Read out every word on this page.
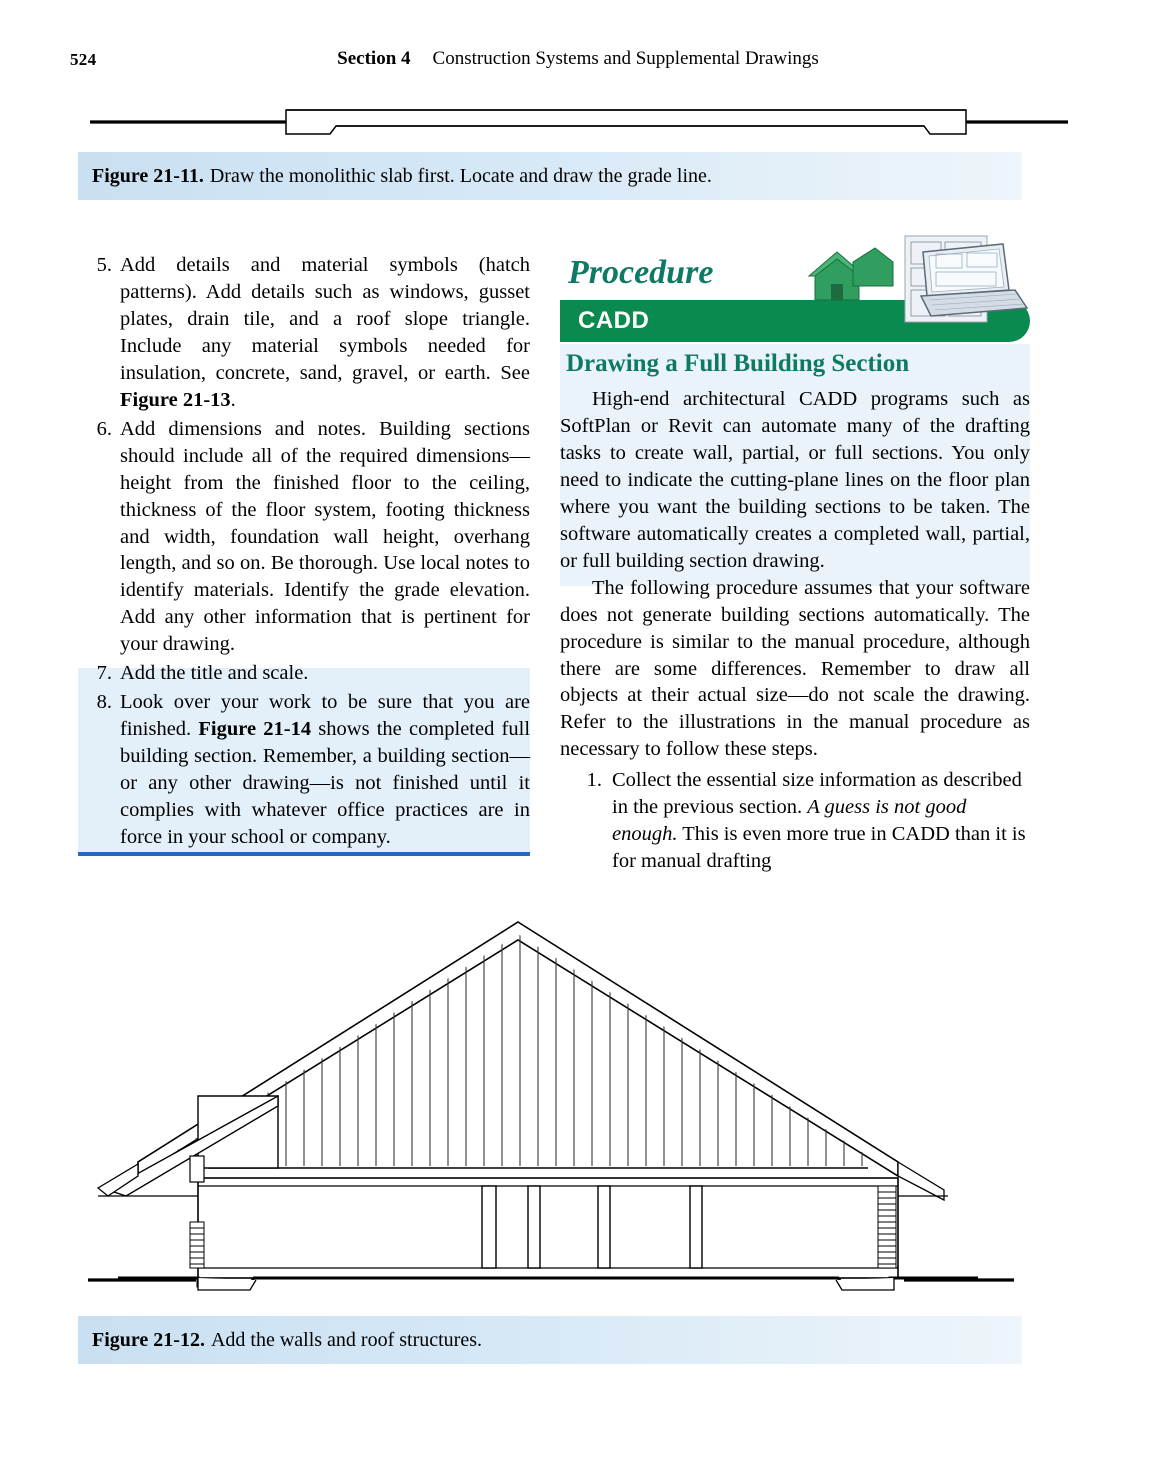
524	Section 4 Construction Systems and Supplemental Drawings
Figure 21-11. Draw the monolithic slab first. Locate and draw the grade line.
5. Add details and material symbols (hatch patterns). Add details such as windows, gusset plates, drain tile, and a roof slope triangle. Include any material symbols needed for insulation, concrete, sand, gravel, or earth. See Figure 21-13.
6. Add dimensions and notes. Building sections should include all of the required dimensions—height from the finished floor to the ceiling, thickness of the floor system, footing thickness and width, foundation wall height, overhang length, and so on. Be thorough. Use local notes to identify materials. Identify the grade elevation. Add any other information that is pertinent for your drawing.
7. Add the title and scale.
8. Look over your work to be sure that you are finished. Figure 21-14 shows the completed full building section. Remember, a building section—or any other drawing—is not finished until it complies with whatever office practices are in force in your school or company.
CADD
Procedure
Drawing a Full Building Section

High-end architectural CADD programs such as SoftPlan or Revit can automate many of the drafting tasks to create wall, partial, or full sections. You only need to indicate the cutting-plane lines on the floor plan where you want the building sections to be taken. The software automatically creates a completed wall, partial, or full building section drawing.

The following procedure assumes that your software does not generate building sections automatically. The procedure is similar to the manual procedure, although there are some differences. Remember to draw all objects at their actual size—do not scale the drawing. Refer to the illustrations in the manual procedure as necessary to follow these steps.

1. Collect the essential size information as described in the previous section. A guess is not good enough. This is even more true in CADD than it is for manual drafting
Figure 21-12. Add the walls and roof structures.
